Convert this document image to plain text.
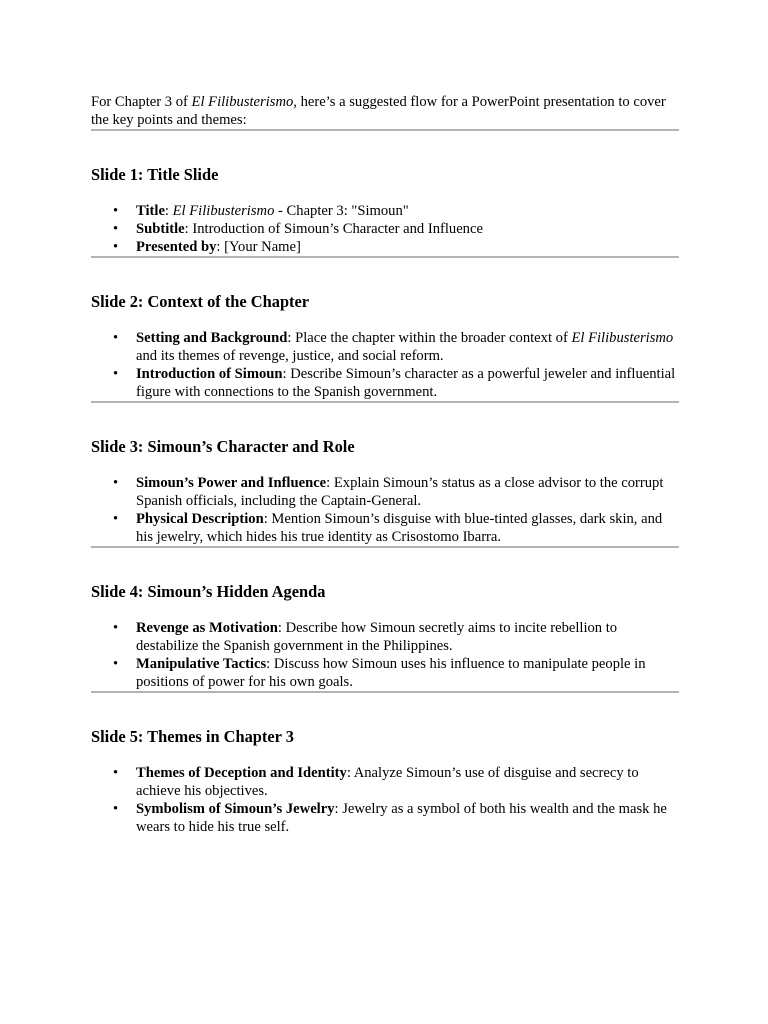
For Chapter 3 of El Filibusterismo, here’s a suggested flow for a PowerPoint presentation to cover the key points and themes:

Slide 1: Title Slide
• Title: El Filibusterismo - Chapter 3: "Simoun"
• Subtitle: Introduction of Simoun’s Character and Influence
• Presented by: [Your Name]
Slide 2: Context of the Chapter
• Setting and Background: Place the chapter within the broader context of El Filibusterismo and its themes of revenge, justice, and social reform.
• Introduction of Simoun: Describe Simoun’s character as a powerful jeweler and influential figure with connections to the Spanish government.
Slide 3: Simoun’s Character and Role
• Simoun’s Power and Influence: Explain Simoun’s status as a close advisor to the corrupt Spanish officials, including the Captain-General.
• Physical Description: Mention Simoun’s disguise with blue-tinted glasses, dark skin, and his jewelry, which hides his true identity as Crisostomo Ibarra.
Slide 4: Simoun’s Hidden Agenda
• Revenge as Motivation: Describe how Simoun secretly aims to incite rebellion to destabilize the Spanish government in the Philippines.
• Manipulative Tactics: Discuss how Simoun uses his influence to manipulate people in positions of power for his own goals.
Slide 5: Themes in Chapter 3
• Themes of Deception and Identity: Analyze Simoun’s use of disguise and secrecy to achieve his objectives.
• Symbolism of Simoun’s Jewelry: Jewelry as a symbol of both his wealth and the mask he wears to hide his true self.
